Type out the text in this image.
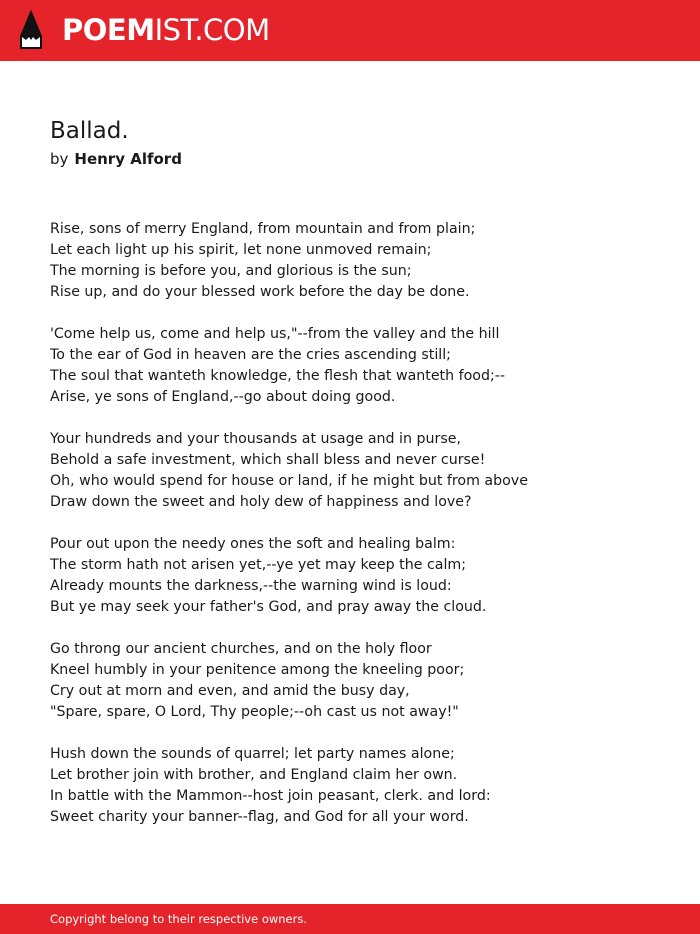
POEMIST.COM
Ballad.
by Henry Alford
Rise, sons of merry England, from mountain and from plain;
Let each light up his spirit, let none unmoved remain;
The morning is before you, and glorious is the sun;
Rise up, and do your blessed work before the day be done.
'Come help us, come and help us,"--from the valley and the hill
To the ear of God in heaven are the cries ascending still;
The soul that wanteth knowledge, the flesh that wanteth food;--
Arise, ye sons of England,--go about doing good.
Your hundreds and your thousands at usage and in purse,
Behold a safe investment, which shall bless and never curse!
Oh, who would spend for house or land, if he might but from above
Draw down the sweet and holy dew of happiness and love?
Pour out upon the needy ones the soft and healing balm:
The storm hath not arisen yet,--ye yet may keep the calm;
Already mounts the darkness,--the warning wind is loud:
But ye may seek your father's God, and pray away the cloud.
Go throng our ancient churches, and on the holy floor
Kneel humbly in your penitence among the kneeling poor;
Cry out at morn and even, and amid the busy day,
"Spare, spare, O Lord, Thy people;--oh cast us not away!"
Hush down the sounds of quarrel; let party names alone;
Let brother join with brother, and England claim her own.
In battle with the Mammon--host join peasant, clerk. and lord:
Sweet charity your banner--flag, and God for all your word.
Copyright belong to their respective owners.
